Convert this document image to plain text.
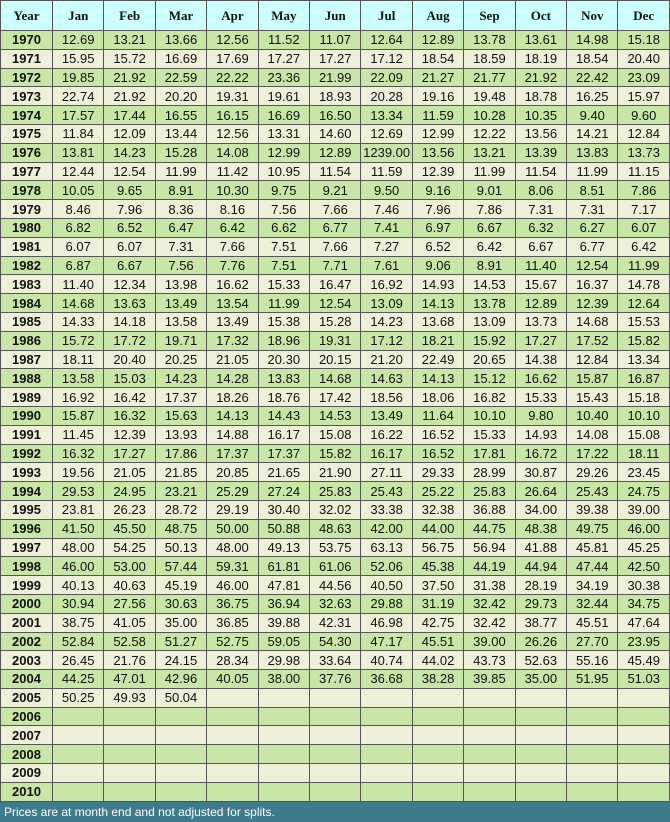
Year	Jan	Feb	Mar	Apr	May	Jun	Jul	Aug	Sep	Oct	Nov	Dec
1970	12.69	13.21	13.66	12.56	11.52	11.07	12.64	12.89	13.78	13.61	14.98	15.18
1971	15.95	15.72	16.69	17.69	17.27	17.27	17.12	18.54	18.59	18.19	18.54	20.40
1972	19.85	21.92	22.59	22.22	23.36	21.99	22.09	21.27	21.77	21.92	22.42	23.09
1973	22.74	21.92	20.20	19.31	19.61	18.93	20.28	19.16	19.48	18.78	16.25	15.97
1974	17.57	17.44	16.55	16.15	16.69	16.50	13.34	11.59	10.28	10.35	9.40	9.60
1975	11.84	12.09	13.44	12.56	13.31	14.60	12.69	12.99	12.22	13.56	14.21	12.84
1976	13.81	14.23	15.28	14.08	12.99	12.89	1239.00	13.56	13.21	13.39	13.83	13.73
1977	12.44	12.54	11.99	11.42	10.95	11.54	11.59	12.39	11.99	11.54	11.99	11.15
1978	10.05	9.65	8.91	10.30	9.75	9.21	9.50	9.16	9.01	8.06	8.51	7.86
1979	8.46	7.96	8.36	8.16	7.56	7.66	7.46	7.96	7.86	7.31	7.31	7.17
1980	6.82	6.52	6.47	6.42	6.62	6.77	7.41	6.97	6.67	6.32	6.27	6.07
1981	6.07	6.07	7.31	7.66	7.51	7.66	7.27	6.52	6.42	6.67	6.77	6.42
1982	6.87	6.67	7.56	7.76	7.51	7.71	7.61	9.06	8.91	11.40	12.54	11.99
1983	11.40	12.34	13.98	16.62	15.33	16.47	16.92	14.93	14.53	15.67	16.37	14.78
1984	14.68	13.63	13.49	13.54	11.99	12.54	13.09	14.13	13.78	12.89	12.39	12.64
1985	14.33	14.18	13.58	13.49	15.38	15.28	14.23	13.68	13.09	13.73	14.68	15.53
1986	15.72	17.72	19.71	17.32	18.96	19.31	17.12	18.21	15.92	17.27	17.52	15.82
1987	18.11	20.40	20.25	21.05	20.30	20.15	21.20	22.49	20.65	14.38	12.84	13.34
1988	13.58	15.03	14.23	14.28	13.83	14.68	14.63	14.13	15.12	16.62	15.87	16.87
1989	16.92	16.42	17.37	18.26	18.76	17.42	18.56	18.06	16.82	15.33	15.43	15.18
1990	15.87	16.32	15.63	14.13	14.43	14.53	13.49	11.64	10.10	9.80	10.40	10.10
1991	11.45	12.39	13.93	14.88	16.17	15.08	16.22	16.52	15.33	14.93	14.08	15.08
1992	16.32	17.27	17.86	17.37	17.37	15.82	16.17	16.52	17.81	16.72	17.22	18.11
1993	19.56	21.05	21.85	20.85	21.65	21.90	27.11	29.33	28.99	30.87	29.26	23.45
1994	29.53	24.95	23.21	25.29	27.24	25.83	25.43	25.22	25.83	26.64	25.43	24.75
1995	23.81	26.23	28.72	29.19	30.40	32.02	33.38	32.38	36.88	34.00	39.38	39.00
1996	41.50	45.50	48.75	50.00	50.88	48.63	42.00	44.00	44.75	48.38	49.75	46.00
1997	48.00	54.25	50.13	48.00	49.13	53.75	63.13	56.75	56.94	41.88	45.81	45.25
1998	46.00	53.00	57.44	59.31	61.81	61.06	52.06	45.38	44.19	44.94	47.44	42.50
1999	40.13	40.63	45.19	46.00	47.81	44.56	40.50	37.50	31.38	28.19	34.19	30.38
2000	30.94	27.56	30.63	36.75	36.94	32.63	29.88	31.19	32.42	29.73	32.44	34.75
2001	38.75	41.05	35.00	36.85	39.88	42.31	46.98	42.75	32.42	38.77	45.51	47.64
2002	52.84	52.58	51.27	52.75	59.05	54.30	47.17	45.51	39.00	26.26	27.70	23.95
2003	26.45	21.76	24.15	28.34	29.98	33.64	40.74	44.02	43.73	52.63	55.16	45.49
2004	44.25	47.01	42.96	40.05	38.00	37.76	36.68	38.28	39.85	35.00	51.95	51.03
2005	50.25	49.93	50.04									
2006												
2007												
2008												
2009												
2010												
Prices are at month end and not adjusted for splits.
